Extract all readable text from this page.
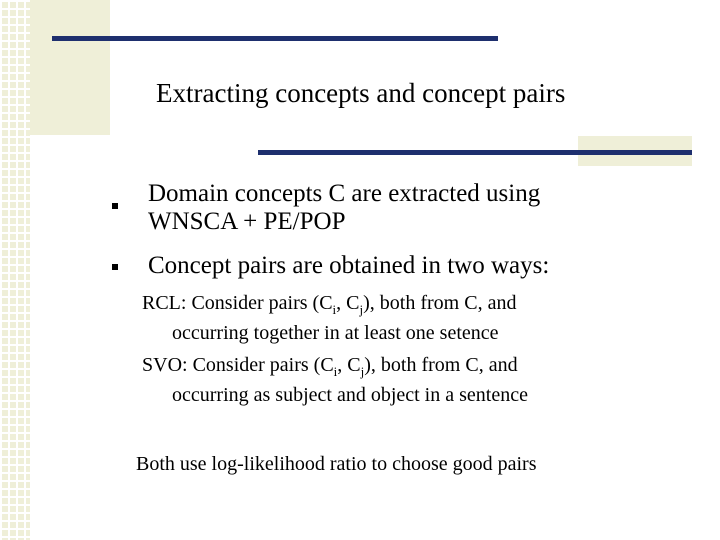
Extracting concepts and concept pairs
Domain concepts C are extracted using
WNSCA + PE/POP
Concept pairs are obtained in two ways:
RCL: Consider pairs ($C_i$, $C_j$), both from C, and
occurring together in at least one setence
SVO: Consider pairs ($C_i$, $C_j$), both from C, and
occurring as subject and object in a sentence
Both use log-likelihood ratio to choose good pairs
